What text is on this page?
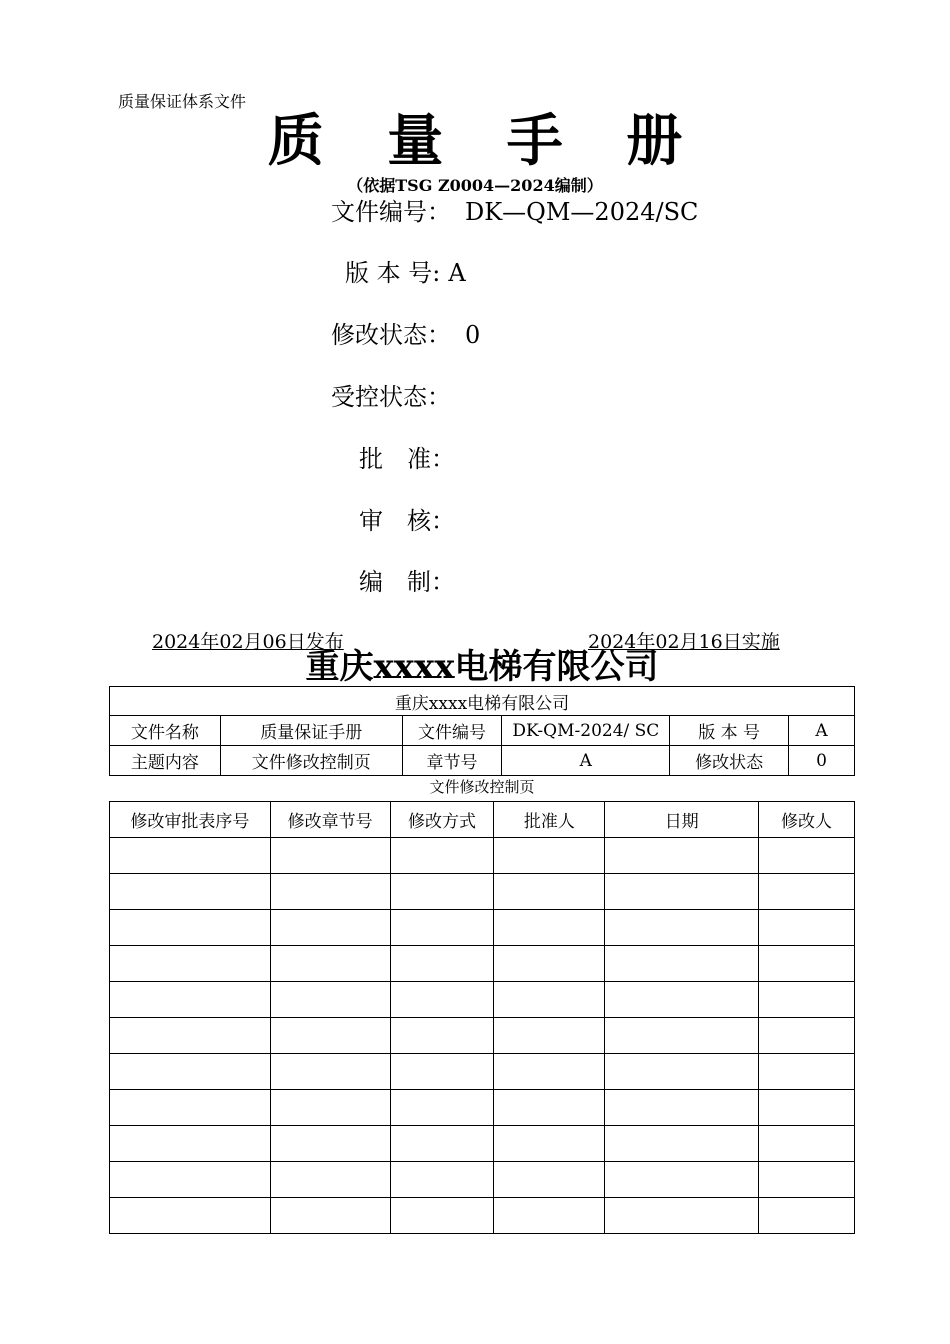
质量保证体系文件
质 量 手 册
（依据TSG Z0004—2024编制）
文件编号： DK—QM—2024/SC
版 本 号: A
修改状态： 0
受控状态：
批　准：
审　核：
编　制：
2024年02月06日发布	2024年02月16日实施
重庆xxxx电梯有限公司
重庆xxxx电梯有限公司					
文件名称	质量保证手册	文件编号	DK-QM-2024/ SC	版 本 号	A
主题内容	文件修改控制页	章节号	A	修改状态	0
文件修改控制页
修改审批表序号	修改章节号	修改方式	批准人	日期	修改人
